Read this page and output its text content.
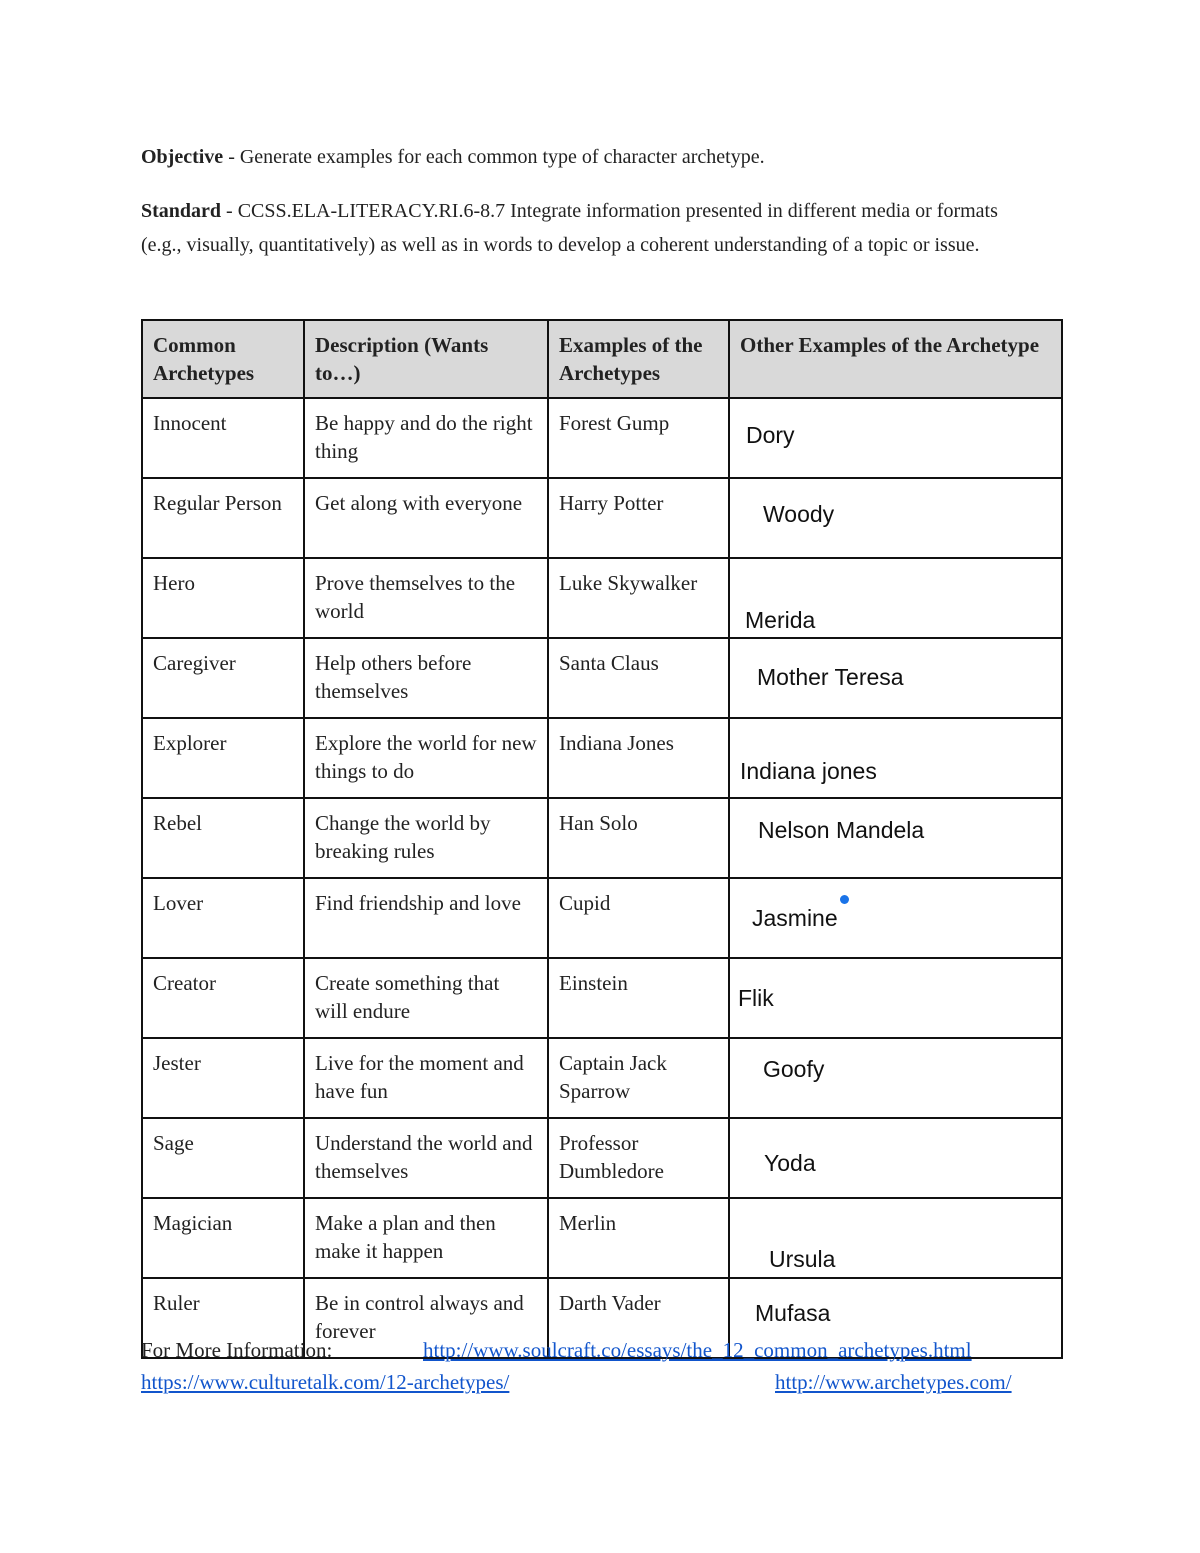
Objective - Generate examples for each common type of character archetype.
Standard - CCSS.ELA-LITERACY.RI.6-8.7 Integrate information presented in different media or formats (e.g., visually, quantitatively) as well as in words to develop a coherent understanding of a topic or issue.
Common Archetypes	Description (Wants to…)	Examples of the Archetypes	Other Examples of the Archetype
Innocent	Be happy and do the right thing	Forest Gump	Dory

Regular Person	Get along with everyone	Harry Potter	Woody

Hero	Prove themselves to the world	Luke Skywalker	Merida

Caregiver	Help others before themselves	Santa Claus	Mother Teresa

Explorer	Explore the world for new things to do	Indiana Jones	Indiana jones

Rebel	Change the world by breaking rules	Han Solo	Nelson Mandela

Lover	Find friendship and love	Cupid	Jasmine

Creator	Create something that will endure	Einstein	Flik

Jester	Live for the moment and have fun	Captain Jack Sparrow	Goofy

Sage	Understand the world and themselves	Professor Dumbledore	Yoda

Magician	Make a plan and then make it happen	Merlin	Ursula

Ruler	Be in control always and forever	Darth Vader	Mufasa
For More Information:	http://www.soulcraft.co/essays/the_12_common_archetypes.html
https://www.culturetalk.com/12-archetypes/	http://www.archetypes.com/
